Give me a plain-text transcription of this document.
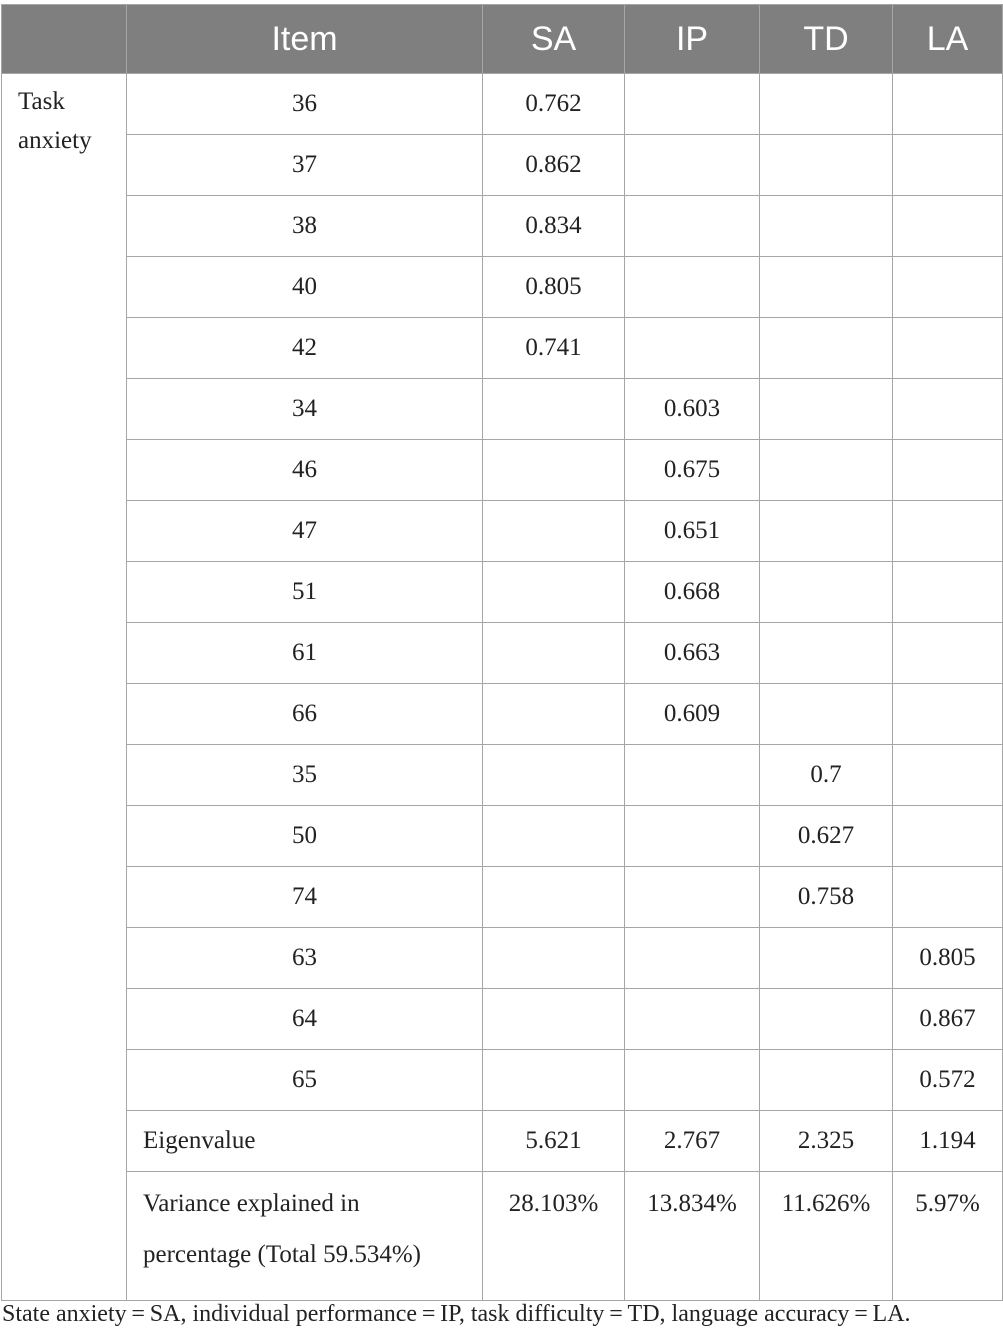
	Item	SA	IP	TD	LA

Task
anxiety	36	0.762			
	37	0.862			
	38	0.834			
	40	0.805			
	42	0.741			
	34		0.603		
	46		0.675		
	47		0.651		
	51		0.668		
	61		0.663		
	66		0.609		
	35			0.7	
	50			0.627	
	74			0.758	
	63				0.805
	64				0.867
	65				0.572
	Eigenvalue	5.621	2.767	2.325	1.194

	Variance explained in
percentage (Total 59.534%)	28.103%	13.834%	11.626%	5.97%
State anxiety = SA, individual performance = IP, task difficulty = TD, language accuracy = LA.
